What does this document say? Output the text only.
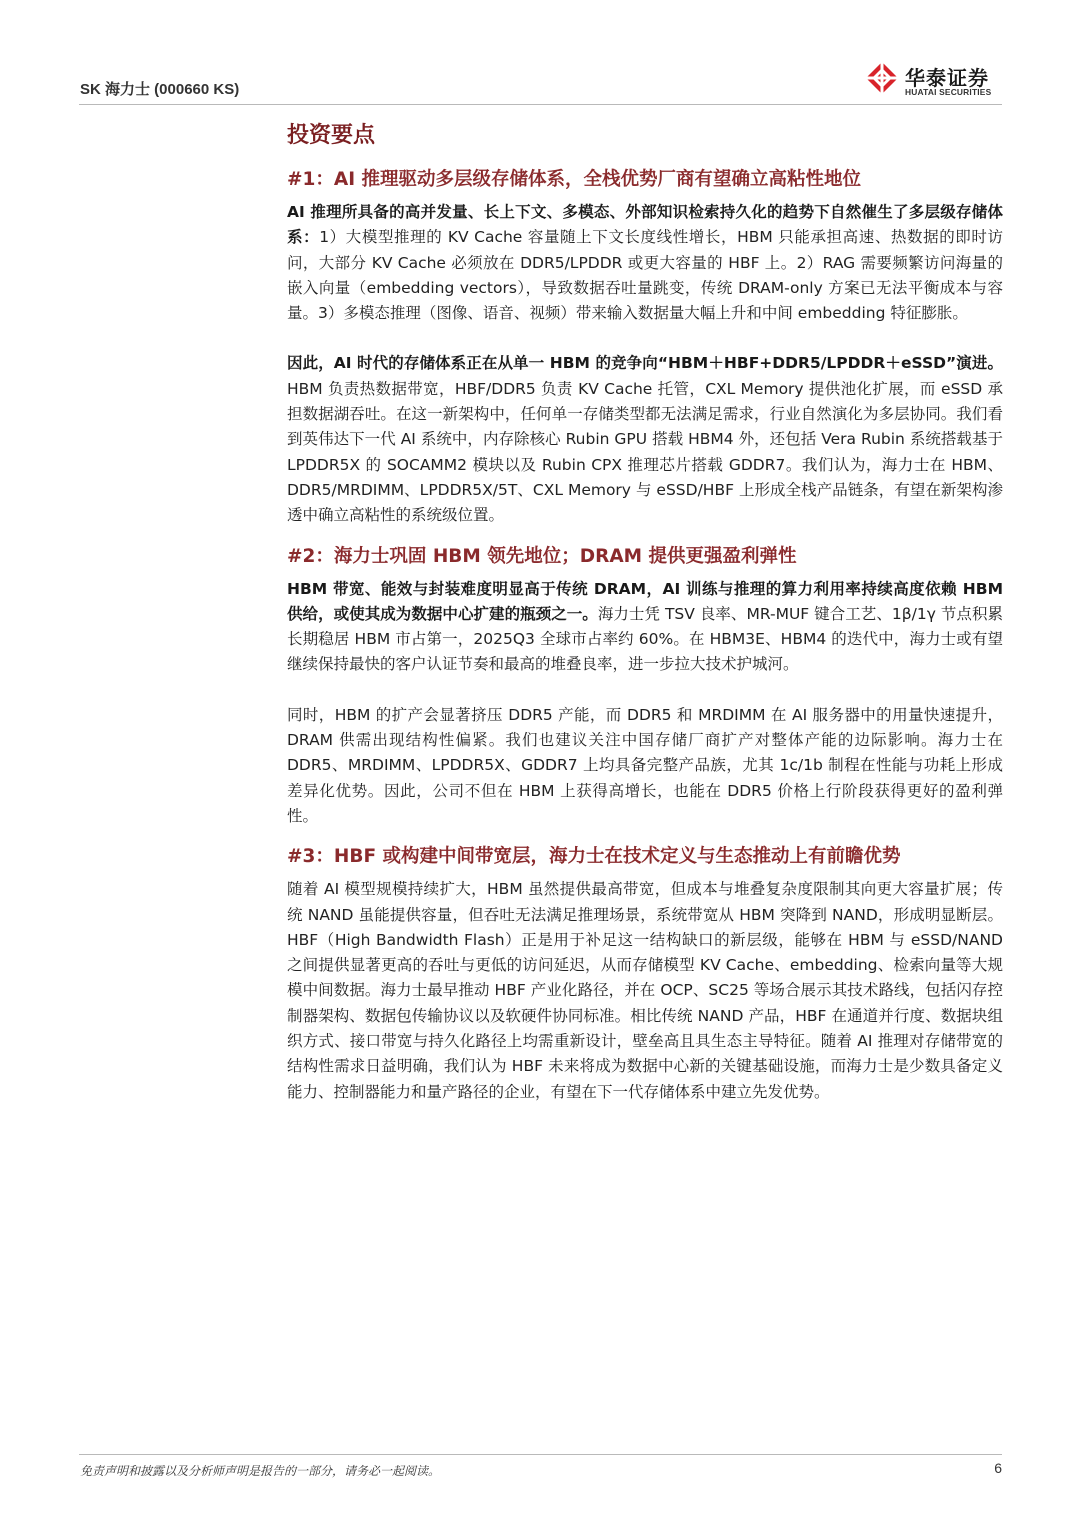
SK 海力士 (000660 KS)	华泰证券
HUATAI SECURITIES
投资要点
#1：AI 推理驱动多层级存储体系，全栈优势厂商有望确立高粘性地位

AI 推理所具备的高并发量、长上下文、多模态、外部知识检索持久化的趋势下自然催生了多层级存储体系：1）大模型推理的 KV Cache 容量随上下文长度线性增长，HBM 只能承担高速、热数据的即时访问，大部分 KV Cache 必须放在 DDR5/LPDDR 或更大容量的 HBF 上。2）RAG 需要频繁访问海量的嵌入向量（embedding vectors），导致数据吞吐量跳变，传统 DRAM-only 方案已无法平衡成本与容量。3）多模态推理（图像、语音、视频）带来输入数据量大幅上升和中间 embedding 特征膨胀。

因此，AI 时代的存储体系正在从单一 HBM 的竞争向“HBM＋HBF+DDR5/LPDDR＋eSSD”演进。HBM 负责热数据带宽，HBF/DDR5 负责 KV Cache 托管，CXL Memory 提供池化扩展，而 eSSD 承担数据湖吞吐。在这一新架构中，任何单一存储类型都无法满足需求，行业自然演化为多层协同。我们看到英伟达下一代 AI 系统中，内存除核心 Rubin GPU 搭载 HBM4 外，还包括 Vera Rubin 系统搭载基于 LPDDR5X 的 SOCAMM2 模块以及 Rubin CPX 推理芯片搭载 GDDR7。我们认为，海力士在 HBM、DDR5/MRDIMM、LPDDR5X/5T、CXL Memory 与 eSSD/HBF 上形成全栈产品链条，有望在新架构渗透中确立高粘性的系统级位置。

#2：海力士巩固 HBM 领先地位；DRAM 提供更强盈利弹性

HBM 带宽、能效与封装难度明显高于传统 DRAM，AI 训练与推理的算力利用率持续高度依赖 HBM 供给，或使其成为数据中心扩建的瓶颈之一。海力士凭 TSV 良率、MR-MUF 键合工艺、1β/1γ 节点积累长期稳居 HBM 市占第一，2025Q3 全球市占率约 60%。在 HBM3E、HBM4 的迭代中，海力士或有望继续保持最快的客户认证节奏和最高的堆叠良率，进一步拉大技术护城河。

同时，HBM 的扩产会显著挤压 DDR5 产能，而 DDR5 和 MRDIMM 在 AI 服务器中的用量快速提升，DRAM 供需出现结构性偏紧。我们也建议关注中国存储厂商扩产对整体产能的边际影响。海力士在 DDR5、MRDIMM、LPDDR5X、GDDR7 上均具备完整产品族，尤其 1c/1b 制程在性能与功耗上形成差异化优势。因此，公司不但在 HBM 上获得高增长，也能在 DDR5 价格上行阶段获得更好的盈利弹性。

#3：HBF 或构建中间带宽层，海力士在技术定义与生态推动上有前瞻优势

随着 AI 模型规模持续扩大，HBM 虽然提供最高带宽，但成本与堆叠复杂度限制其向更大容量扩展；传统 NAND 虽能提供容量，但吞吐无法满足推理场景，系统带宽从 HBM 突降到 NAND，形成明显断层。HBF（High Bandwidth Flash）正是用于补足这一结构缺口的新层级，能够在 HBM 与 eSSD/NAND 之间提供显著更高的吞吐与更低的访问延迟，从而存储模型 KV Cache、embedding、检索向量等大规模中间数据。海力士最早推动 HBF 产业化路径，并在 OCP、SC25 等场合展示其技术路线，包括闪存控制器架构、数据包传输协议以及软硬件协同标准。相比传统 NAND 产品，HBF 在通道并行度、数据块组织方式、接口带宽与持久化路径上均需重新设计，壁垒高且具生态主导特征。随着 AI 推理对存储带宽的结构性需求日益明确，我们认为 HBF 未来将成为数据中心新的关键基础设施，而海力士是少数具备定义能力、控制器能力和量产路径的企业，有望在下一代存储体系中建立先发优势。

免责声明和披露以及分析师声明是报告的一部分，请务必一起阅读。	6
